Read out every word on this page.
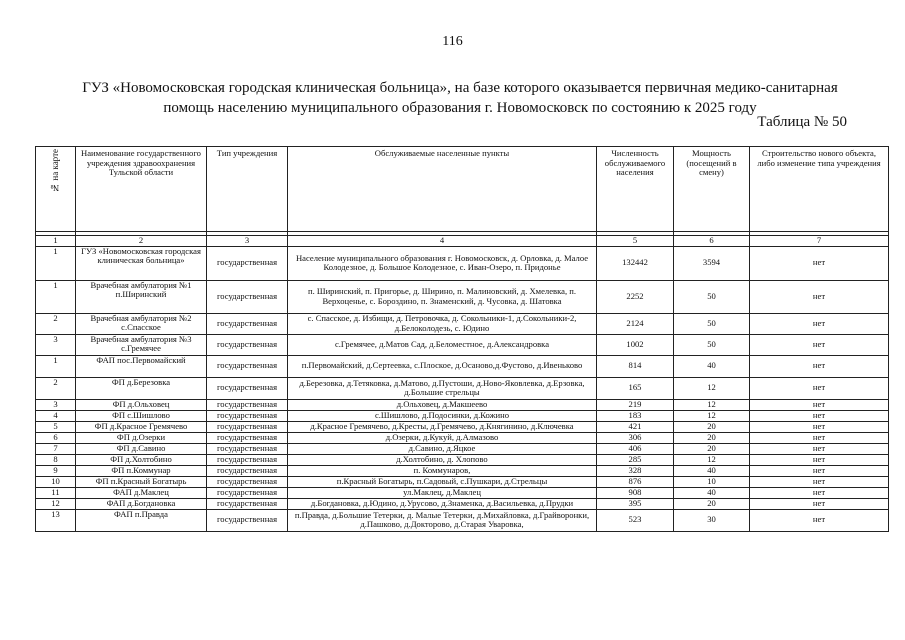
116
ГУЗ «Новомосковская городская клиническая больница», на базе которого оказывается первичная медико-санитарная
помощь населению муниципального образования г. Новомосковск по состоянию к 2025 году
Таблица № 50
№ на карте	Наименование государственного учреждения здравоохранения Тульской области	Тип учреждения	Обслуживаемые населенные пункты	Численность обслуживаемого населения	Мощность (посещений в смену)	Строительство нового объекта, либо изменение типа учреждения

1	2	3	4	5	6	7
1	ГУЗ «Новомосковская городская клиническая больница»	государственная	Население муниципального образования г. Новомосковск, д. Орловка, д. Малое Колодезное, д. Большое Колодезное, с. Иван-Озеро, п. Придонье	132442	3594	нет
1	Врачебная амбулатория №1 п.Ширинский	государственная	п. Ширинский, п. Пригорье, д. Ширино, п. Малиновский, д. Хмелевка, п. Верхоценье, с. Бороздино, п. Знаменский, д. Чусовка, д. Шатовка	2252	50	нет
2	Врачебная амбулатория №2 с.Спасское	государственная	с. Спасское, д. Избищи, д. Петровочка, д. Сокольники-1, д.Сокольники-2, д.Белоколодезь, с. Юдино	2124	50	нет
3	Врачебная амбулатория №3 с.Гремячее	государственная	с.Гремячее, д.Матов Сад, д.Беломестное, д.Александровка	1002	50	нет
1	ФАП пос.Первомайский	государственная	п.Первомайский, д.Сертеевка, с.Плоское, д.Осаново,д.Фустово, д.Ивеньково	814	40	нет
2	ФП д.Березовка	государственная	д.Березовка, д.Тетяковка, д.Матово, д.Пустоши, д.Ново-Яковлевка, д.Ерзовка, д.Большие стрельцы	165	12	нет
3	ФП д.Ольховец	государственная	д.Ольховец, д.Макшеево	219	12	нет
4	ФП с.Шишлово	государственная	с.Шишлово, д.Подосинки, д.Кожино	183	12	нет
5	ФП д.Красное Гремячево	государственная	д.Красное Гремячево, д.Кресты, д.Гремячево, д.Княгинино, д.Ключевка	421	20	нет
6	ФП д.Озерки	государственная	д.Озерки, д.Кукуй, д.Алмазово	306	20	нет
7	ФП д.Савино	государственная	д.Савино, д.Яцкое	406	20	нет
8	ФП д.Холтобино	государственная	д.Холтобино, д. Хлопово	285	12	нет
9	ФП п.Коммунар	государственная	п. Коммунаров,	328	40	нет
10	ФП п.Красный Богатырь	государственная	п.Красный Богатырь, п.Садовый, с.Пушкари, д.Стрельцы	876	10	нет
11	ФАП д.Маклец	государственная	ул.Маклец, д.Маклец	908	40	нет
12	ФАП д.Богдановка	государственная	д.Богдановка, д.Юдино, д.Урусово, д.Знаменка, д.Васильевка, д.Прудки	395	20	нет
13	ФАП п.Правда	государственная	п.Правда, д.Большие Тетерки, д. Малые Тетерки, д.Михайловка, д.Грайворонки, д.Пашково, д.Докторово, д.Старая Уваровка,	523	30	нет
